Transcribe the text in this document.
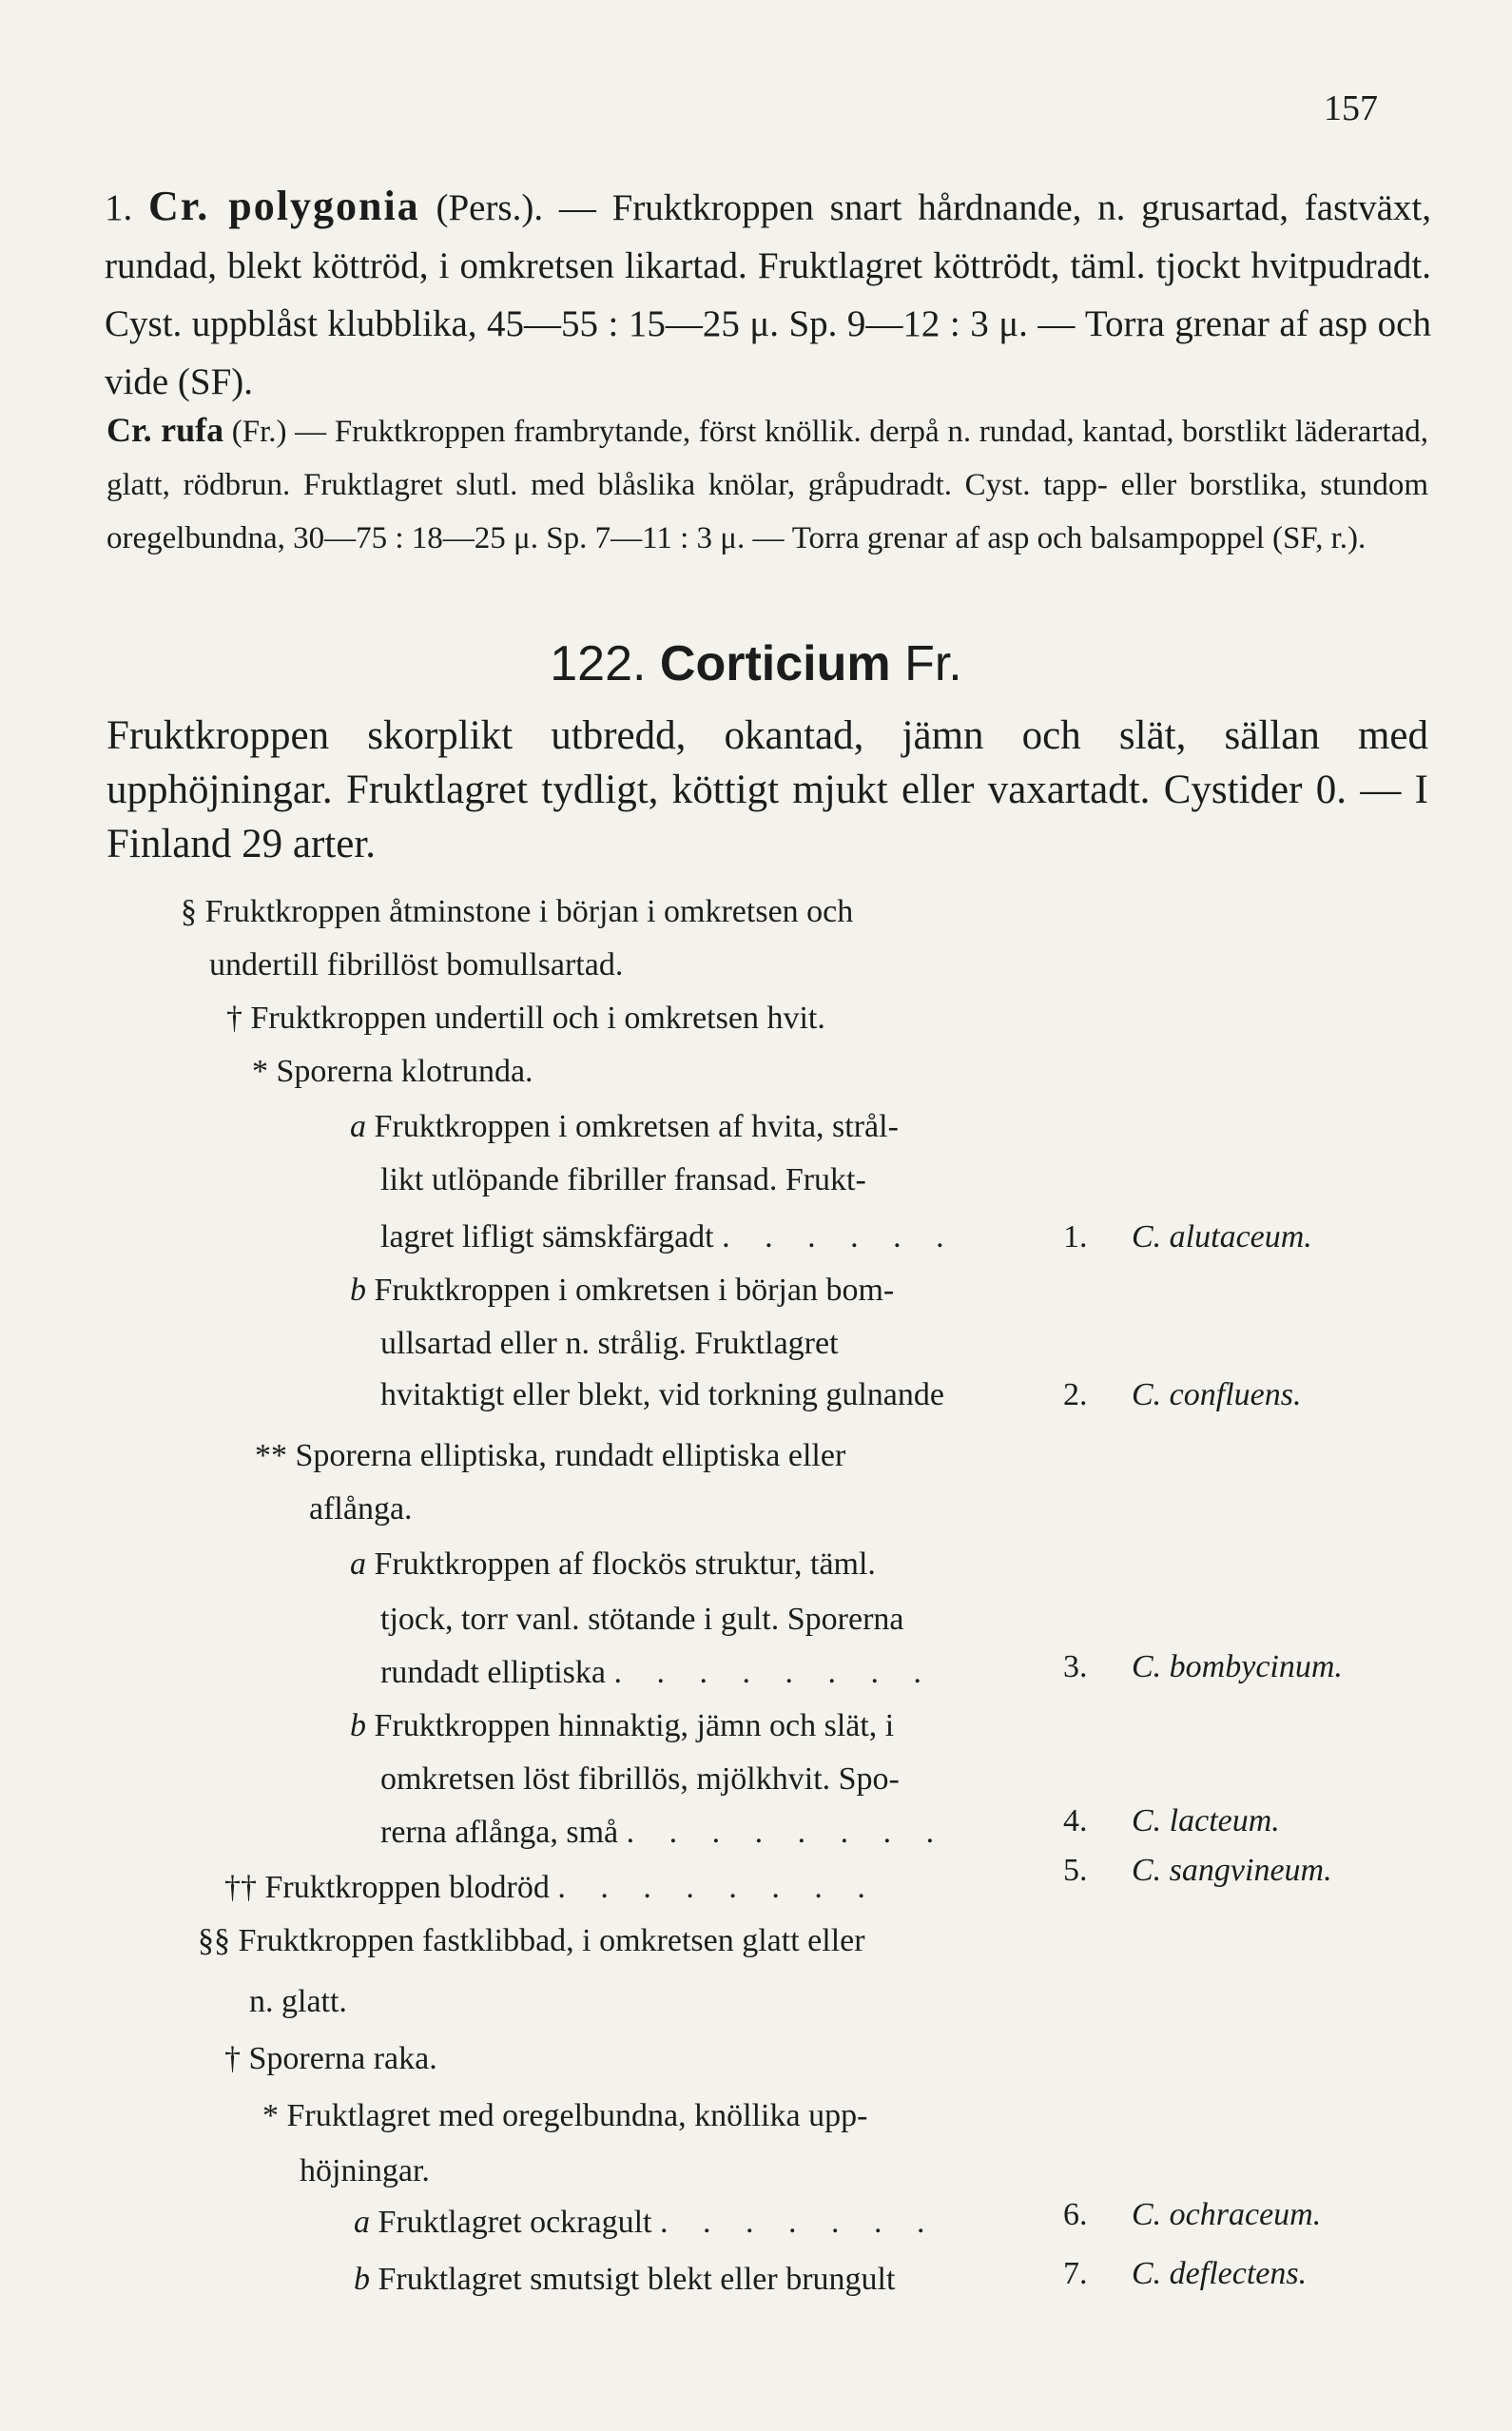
157
1. Cr. polygonia (Pers.). — Fruktkroppen snart hårdnande, n. grusartad, fastväxt, rundad, blekt köttröd, i omkretsen likartad. Fruktlagret köttrödt, täml. tjockt hvitpudradt. Cyst. uppblåst klubblika, 45—55 : 15—25 μ. Sp. 9—12 : 3 μ. — Torra grenar af asp och vide (SF).
Cr. rufa (Fr.) — Fruktkroppen frambrytande, först knöllik. derpå n. rundad, kantad, borstlikt läderartad, glatt, rödbrun. Fruktlagret slutl. med blåslika knölar, gråpudradt. Cyst. tapp- eller borstlika, stundom oregelbundna, 30—75 : 18—25 μ. Sp. 7—11 : 3 μ. — Torra grenar af asp och balsampoppel (SF, r.).
122. Corticium Fr.
Fruktkroppen skorplikt utbredd, okantad, jämn och slät, sällan med upphöjningar. Fruktlagret tydligt, köttigt mjukt eller vaxartadt. Cystider 0. — I Finland 29 arter.
§ Fruktkroppen åtminstone i början i omkretsen och
undertill fibrillöst bomullsartad.
† Fruktkroppen undertill och i omkretsen hvit.
* Sporerna klotrunda.
a Fruktkroppen i omkretsen af hvita, strål-
likt utlöpande fibriller fransad. Frukt-
lagret lifligt sämskfärgadt . . . . . .	1. C. alutaceum.
b Fruktkroppen i omkretsen i början bom-
ullsartad eller n. strålig. Fruktlagret
hvitaktigt eller blekt, vid torkning gulnande	2. C. confluens.
** Sporerna elliptiska, rundadt elliptiska eller
aflånga.
a Fruktkroppen af flockös struktur, täml.
tjock, torr vanl. stötande i gult. Sporerna
rundadt elliptiska . . . . . . . .	3. C. bombycinum.
b Fruktkroppen hinnaktig, jämn och slät, i
omkretsen löst fibrillös, mjölkhvit. Spo-
rerna aflånga, små . . . . . . . .	4. C. lacteum.
†† Fruktkroppen blodröd . . . . . . . .	5. C. sangvineum.
§§ Fruktkroppen fastklibbad, i omkretsen glatt eller
n. glatt.
† Sporerna raka.
* Fruktlagret med oregelbundna, knöllika upp-
höjningar.
a Fruktlagret ockragult . . . . . . .	6. C. ochraceum.
b Fruktlagret smutsigt blekt eller brungult	7. C. deflectens.
